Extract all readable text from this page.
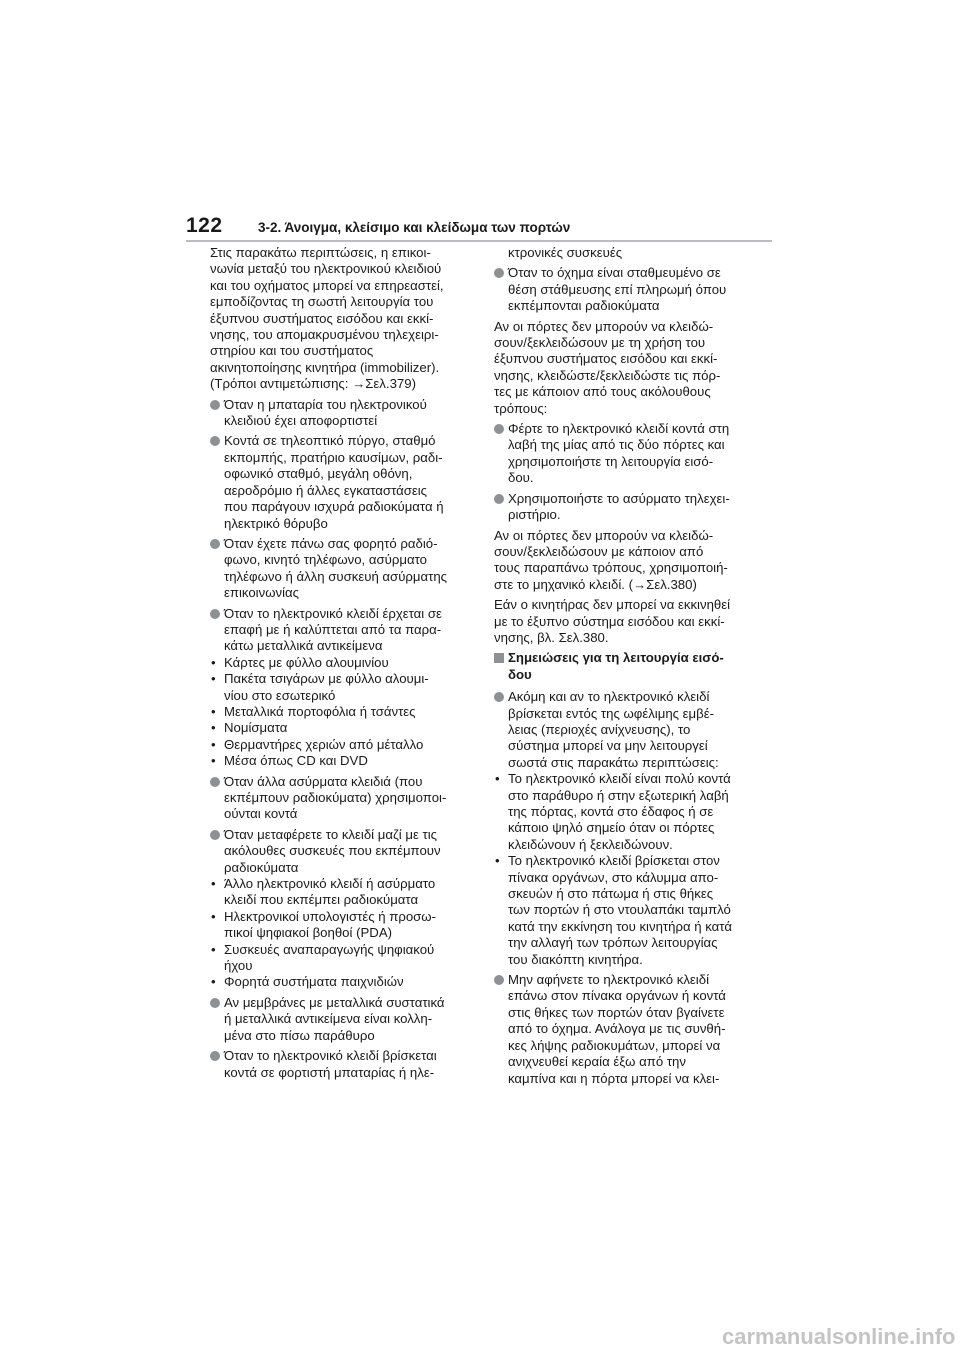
122	3-2. Άνοιγμα, κλείσιμο και κλείδωμα των πορτών
Στις παρακάτω περιπτώσεις, η επικοι-
νωνία μεταξύ του ηλεκτρονικού κλειδιού
και του οχήματος μπορεί να επηρεαστεί,
εμποδίζοντας τη σωστή λειτουργία του
έξυπνου συστήματος εισόδου και εκκί-
νησης, του απομακρυσμένου τηλεχειρι-
στηρίου και του συστήματος
ακινητοποίησης κινητήρα (immobilizer).
(Τρόποι αντιμετώπισης: →Σελ.379)
Όταν η μπαταρία του ηλεκτρονικού
κλειδιού έχει αποφορτιστεί
Κοντά σε τηλεοπτικό πύργο, σταθμό
εκπομπής, πρατήριο καυσίμων, ραδι-
οφωνικό σταθμό, μεγάλη οθόνη,
αεροδρόμιο ή άλλες εγκαταστάσεις
που παράγουν ισχυρά ραδιοκύματα ή
ηλεκτρικό θόρυβο
Όταν έχετε πάνω σας φορητό ραδιό-
φωνο, κινητό τηλέφωνο, ασύρματο
τηλέφωνο ή άλλη συσκευή ασύρματης
επικοινωνίας
Όταν το ηλεκτρονικό κλειδί έρχεται σε
επαφή με ή καλύπτεται από τα παρα-
κάτω μεταλλικά αντικείμενα
• Κάρτες με φύλλο αλουμινίου
• Πακέτα τσιγάρων με φύλλο αλουμι-
νίου στο εσωτερικό
• Μεταλλικά πορτοφόλια ή τσάντες
• Νομίσματα
• Θερμαντήρες χεριών από μέταλλο
• Μέσα όπως CD και DVD
Όταν άλλα ασύρματα κλειδιά (που
εκπέμπουν ραδιοκύματα) χρησιμοποι-
ούνται κοντά
Όταν μεταφέρετε το κλειδί μαζί με τις
ακόλουθες συσκευές που εκπέμπουν
ραδιοκύματα
• Άλλο ηλεκτρονικό κλειδί ή ασύρματο
κλειδί που εκπέμπει ραδιοκύματα
• Ηλεκτρονικοί υπολογιστές ή προσω-
πικοί ψηφιακοί βοηθοί (PDA)
• Συσκευές αναπαραγωγής ψηφιακού
ήχου
• Φορητά συστήματα παιχνιδιών
Αν μεμβράνες με μεταλλικά συστατικά
ή μεταλλικά αντικείμενα είναι κολλη-
μένα στο πίσω παράθυρο
Όταν το ηλεκτρονικό κλειδί βρίσκεται
κοντά σε φορτιστή μπαταρίας ή ηλε-
κτρονικές συσκευές
Όταν το όχημα είναι σταθμευμένο σε
θέση στάθμευσης επί πληρωμή όπου
εκπέμπονται ραδιοκύματα
Αν οι πόρτες δεν μπορούν να κλειδώ-
σουν/ξεκλειδώσουν με τη χρήση του
έξυπνου συστήματος εισόδου και εκκί-
νησης, κλειδώστε/ξεκλειδώστε τις πόρ-
τες με κάποιον από τους ακόλουθους
τρόπους:
Φέρτε το ηλεκτρονικό κλειδί κοντά στη
λαβή της μίας από τις δύο πόρτες και
χρησιμοποιήστε τη λειτουργία εισό-
δου.
Χρησιμοποιήστε το ασύρματο τηλεχει-
ριστήριο.
Αν οι πόρτες δεν μπορούν να κλειδώ-
σουν/ξεκλειδώσουν με κάποιον από
τους παραπάνω τρόπους, χρησιμοποιή-
στε το μηχανικό κλειδί. (→Σελ.380)
Εάν ο κινητήρας δεν μπορεί να εκκινηθεί
με το έξυπνο σύστημα εισόδου και εκκί-
νησης, βλ. Σελ.380.
Σημειώσεις για τη λειτουργία εισό-
δου
Ακόμη και αν το ηλεκτρονικό κλειδί
βρίσκεται εντός της ωφέλιμης εμβέ-
λειας (περιοχές ανίχνευσης), το
σύστημα μπορεί να μην λειτουργεί
σωστά στις παρακάτω περιπτώσεις:
• Το ηλεκτρονικό κλειδί είναι πολύ κοντά
στο παράθυρο ή στην εξωτερική λαβή
της πόρτας, κοντά στο έδαφος ή σε
κάποιο ψηλό σημείο όταν οι πόρτες
κλειδώνουν ή ξεκλειδώνουν.
• Το ηλεκτρονικό κλειδί βρίσκεται στον
πίνακα οργάνων, στο κάλυμμα απο-
σκευών ή στο πάτωμα ή στις θήκες
των πορτών ή στο ντουλαπάκι ταμπλό
κατά την εκκίνηση του κινητήρα ή κατά
την αλλαγή των τρόπων λειτουργίας
του διακόπτη κινητήρα.
Μην αφήνετε το ηλεκτρονικό κλειδί
επάνω στον πίνακα οργάνων ή κοντά
στις θήκες των πορτών όταν βγαίνετε
από το όχημα. Ανάλογα με τις συνθή-
κες λήψης ραδιοκυμάτων, μπορεί να
ανιχνευθεί κεραία έξω από την
καμπίνα και η πόρτα μπορεί να κλει-
carmanualsonline.info
